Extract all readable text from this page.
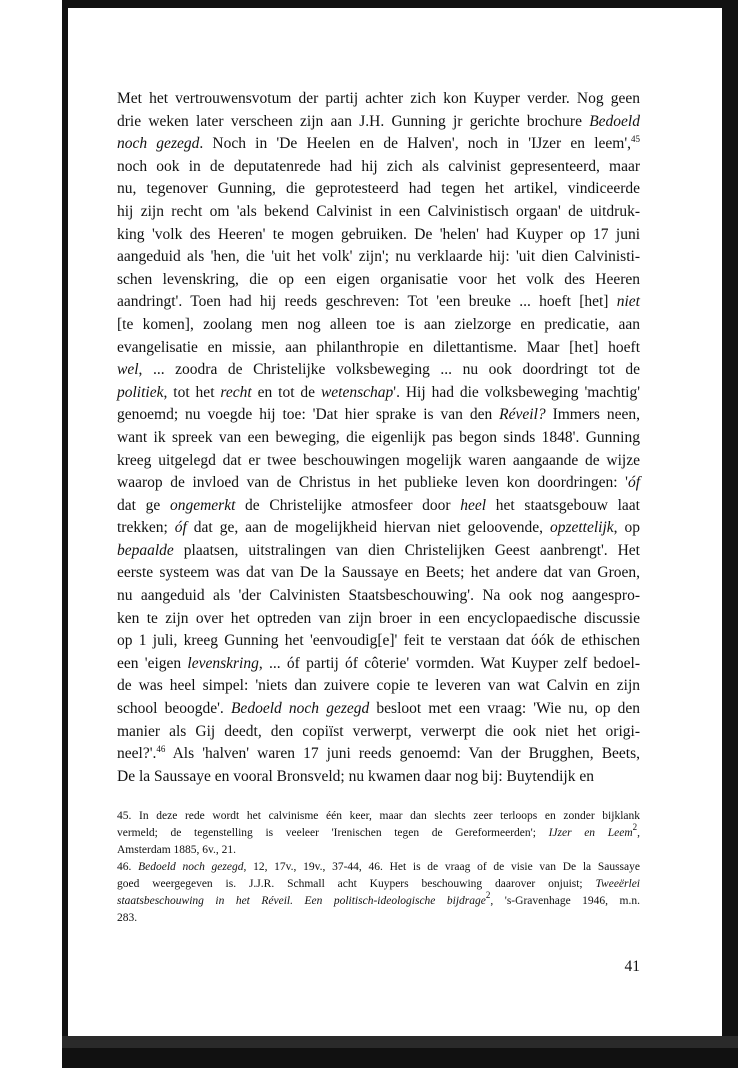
Met het vertrouwensvotum der partij achter zich kon Kuyper verder. Nog geen
drie weken later verscheen zijn aan J.H. Gunning jr gerichte brochure Bedoeld
noch gezegd. Noch in 'De Heelen en de Halven', noch in 'IJzer en leem',$^{45}$
noch ook in de deputatenrede had hij zich als calvinist gepresenteerd, maar
nu, tegenover Gunning, die geprotesteerd had tegen het artikel, vindiceerde
hij zijn recht om 'als bekend Calvinist in een Calvinistisch orgaan' de uitdruk-
king 'volk des Heeren' te mogen gebruiken. De 'helen' had Kuyper op 17 juni
aangeduid als 'hen, die 'uit het volk' zijn'; nu verklaarde hij: 'uit dien Calvinisti-
schen levenskring, die op een eigen organisatie voor het volk des Heeren
aandringt'. Toen had hij reeds geschreven: Tot 'een breuke ... hoeft [het] niet
[te komen], zoolang men nog alleen toe is aan zielzorge en predicatie, aan
evangelisatie en missie, aan philanthropie en dilettantisme. Maar [het] hoeft
wel, ... zoodra de Christelijke volksbeweging ... nu ook doordringt tot de
politiek, tot het recht en tot de wetenschap'. Hij had die volksbeweging 'machtig'
genoemd; nu voegde hij toe: 'Dat hier sprake is van den Réveil? Immers neen,
want ik spreek van een beweging, die eigenlijk pas begon sinds 1848'. Gunning
kreeg uitgelegd dat er twee beschouwingen mogelijk waren aangaande de wijze
waarop de invloed van de Christus in het publieke leven kon doordringen: 'óf
dat ge ongemerkt de Christelijke atmosfeer door heel het staatsgebouw laat
trekken; óf dat ge, aan de mogelijkheid hiervan niet geloovende, opzettelijk, op
bepaalde plaatsen, uitstralingen van dien Christelijken Geest aanbrengt'. Het
eerste systeem was dat van De la Saussaye en Beets; het andere dat van Groen,
nu aangeduid als 'der Calvinisten Staatsbeschouwing'. Na ook nog aangespro-
ken te zijn over het optreden van zijn broer in een encyclopaedische discussie
op 1 juli, kreeg Gunning het 'eenvoudig[e]' feit te verstaan dat óók de ethischen
een 'eigen levenskring, ... óf partij óf côterie' vormden. Wat Kuyper zelf bedoel-
de was heel simpel: 'niets dan zuivere copie te leveren van wat Calvin en zijn
school beoogde'. Bedoeld noch gezegd besloot met een vraag: 'Wie nu, op den
manier als Gij deedt, den copiïst verwerpt, verwerpt die ook niet het origi-
neel?'.$^{46}$ Als 'halven' waren 17 juni reeds genoemd: Van der Brugghen, Beets,
De la Saussaye en vooral Bronsveld; nu kwamen daar nog bij: Buytendijk en
45. In deze rede wordt het calvinisme één keer, maar dan slechts zeer terloops en zonder bijklank
vermeld; de tegenstelling is veeleer 'Irenischen tegen de Gereformeerden'; IJzer en Leem$^2$,
Amsterdam 1885, 6v., 21.
46. Bedoeld noch gezegd, 12, 17v., 19v., 37-44, 46. Het is de vraag of de visie van De la Saussaye
goed weergegeven is. J.J.R. Schmall acht Kuypers beschouwing daarover onjuist; Tweeërlei
staatsbeschouwing in het Réveil. Een politisch-ideologische bijdrage$^2$, 's-Gravenhage 1946, m.n.
283.
41
